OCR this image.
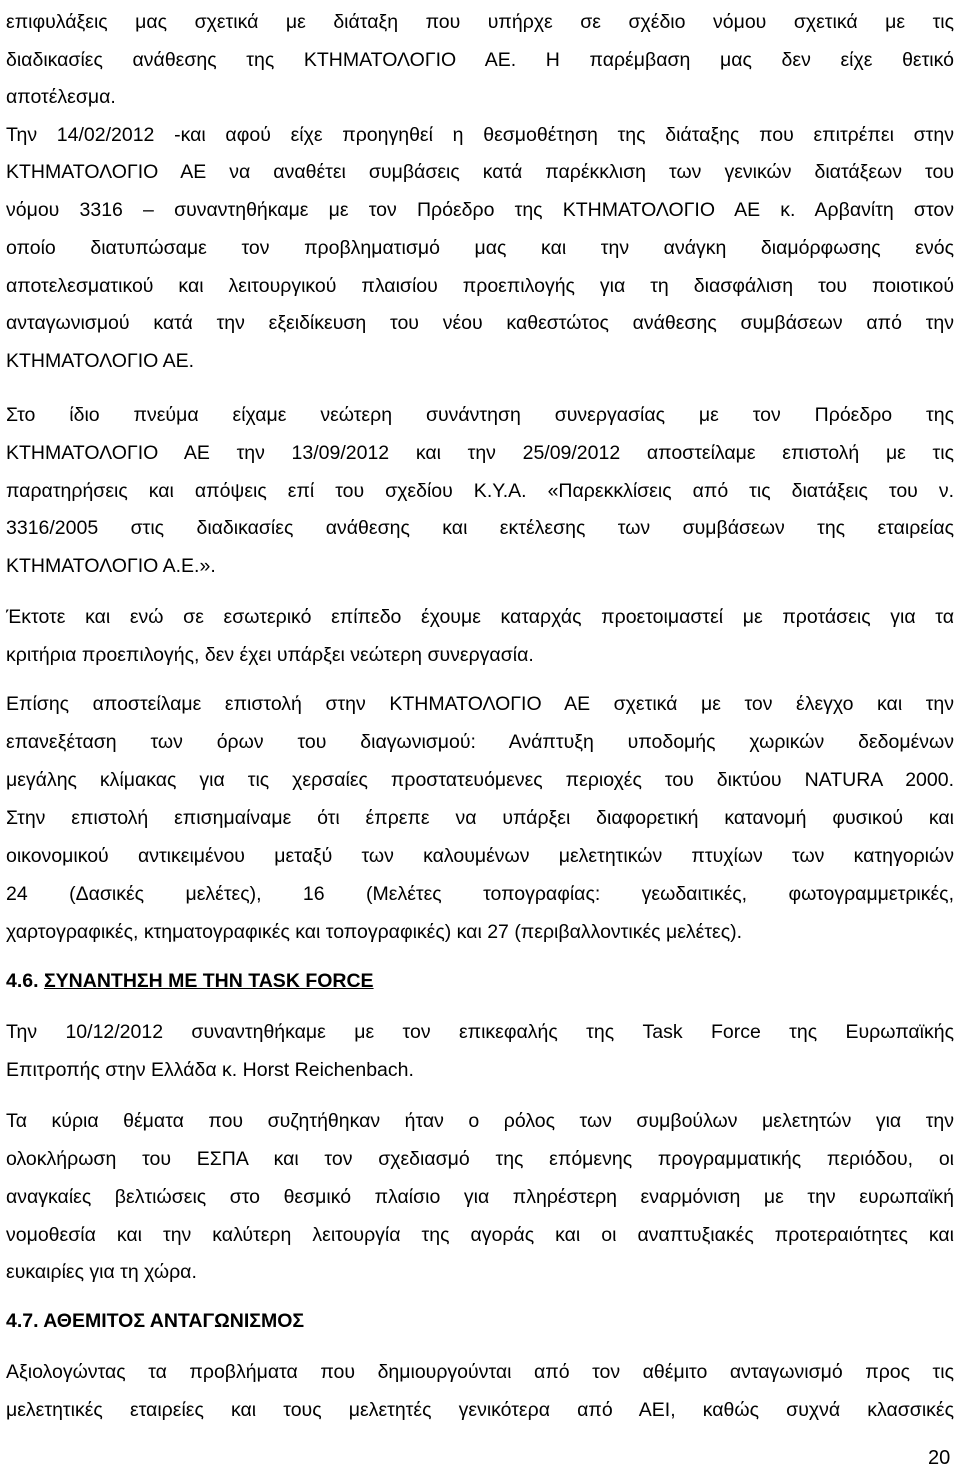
επιφυλάξεις μας σχετικά με διάταξη που υπήρχε σε σχέδιο νόμου σχετικά με τις
διαδικασίες ανάθεσης της ΚΤΗΜΑΤΟΛΟΓΙΟ ΑΕ. Η παρέμβαση μας δεν είχε θετικό
αποτέλεσμα.
Την 14/02/2012 -και αφού είχε προηγηθεί η θεσμοθέτηση της διάταξης που επιτρέπει στην
ΚΤΗΜΑΤΟΛΟΓΙΟ ΑΕ να αναθέτει συμβάσεις κατά παρέκκλιση των γενικών διατάξεων του
νόμου 3316 – συναντηθήκαμε με τον Πρόεδρο της ΚΤΗΜΑΤΟΛΟΓΙΟ ΑΕ κ. Αρβανίτη στον
οποίο διατυπώσαμε τον προβληματισμό μας και την ανάγκη διαμόρφωσης ενός
αποτελεσματικού και λειτουργικού πλαισίου προεπιλογής για τη διασφάλιση του ποιοτικού
ανταγωνισμού κατά την εξειδίκευση του νέου καθεστώτος ανάθεσης συμβάσεων από την
ΚΤΗΜΑΤΟΛΟΓΙΟ ΑΕ.
Στο ίδιο πνεύμα είχαμε νεώτερη συνάντηση συνεργασίας με τον Πρόεδρο της
ΚΤΗΜΑΤΟΛΟΓΙΟ ΑΕ την 13/09/2012 και την 25/09/2012 αποστείλαμε επιστολή με τις
παρατηρήσεις και απόψεις επί του σχεδίου Κ.Υ.Α. «Παρεκκλίσεις από τις διατάξεις του ν.
3316/2005 στις διαδικασίες ανάθεσης και εκτέλεσης των συμβάσεων της εταιρείας
ΚΤΗΜΑΤΟΛΟΓΙΟ Α.Ε.».
Έκτοτε και ενώ σε εσωτερικό επίπεδο έχουμε καταρχάς προετοιμαστεί με προτάσεις για τα
κριτήρια προεπιλογής, δεν έχει υπάρξει νεώτερη συνεργασία.
Επίσης αποστείλαμε επιστολή στην ΚΤΗΜΑΤΟΛΟΓΙΟ ΑΕ σχετικά με τον έλεγχο και την
επανεξέταση των όρων του διαγωνισμού: Ανάπτυξη υποδομής χωρικών δεδομένων
μεγάλης κλίμακας για τις χερσαίες προστατευόμενες περιοχές του δικτύου NATURA 2000.
Στην επιστολή επισημαίναμε ότι έπρεπε να υπάρξει διαφορετική κατανομή φυσικού και
οικονομικού αντικειμένου μεταξύ των καλουμένων μελετητικών πτυχίων των κατηγοριών
24 (Δασικές μελέτες), 16 (Μελέτες τοπογραφίας: γεωδαιτικές, φωτογραμμετρικές,
χαρτογραφικές, κτηματογραφικές και τοπογραφικές) και 27 (περιβαλλοντικές μελέτες).
4.6. ΣΥΝΑΝΤΗΣΗ ΜΕ ΤΗΝ TASK FORCE
Την 10/12/2012 συναντηθήκαμε με τον επικεφαλής της Task Force της Ευρωπαϊκής
Επιτροπής στην Ελλάδα κ. Horst Reichenbach.
Τα κύρια θέματα που συζητήθηκαν ήταν ο ρόλος των συμβούλων μελετητών για την
ολοκλήρωση του ΕΣΠΑ και τον σχεδιασμό της επόμενης προγραμματικής περιόδου, οι
αναγκαίες βελτιώσεις στο θεσμικό πλαίσιο για πληρέστερη εναρμόνιση με την ευρωπαϊκή
νομοθεσία και την καλύτερη λειτουργία της αγοράς και οι αναπτυξιακές προτεραιότητες και
ευκαιρίες για τη χώρα.
4.7. ΑΘΕΜΙΤΟΣ ΑΝΤΑΓΩΝΙΣΜΟΣ
Αξιολογώντας τα προβλήματα που δημιουργούνται από τον αθέμιτο ανταγωνισμό προς τις
μελετητικές εταιρείες και τους μελετητές γενικότερα από ΑΕΙ, καθώς συχνά κλασσικές
20
